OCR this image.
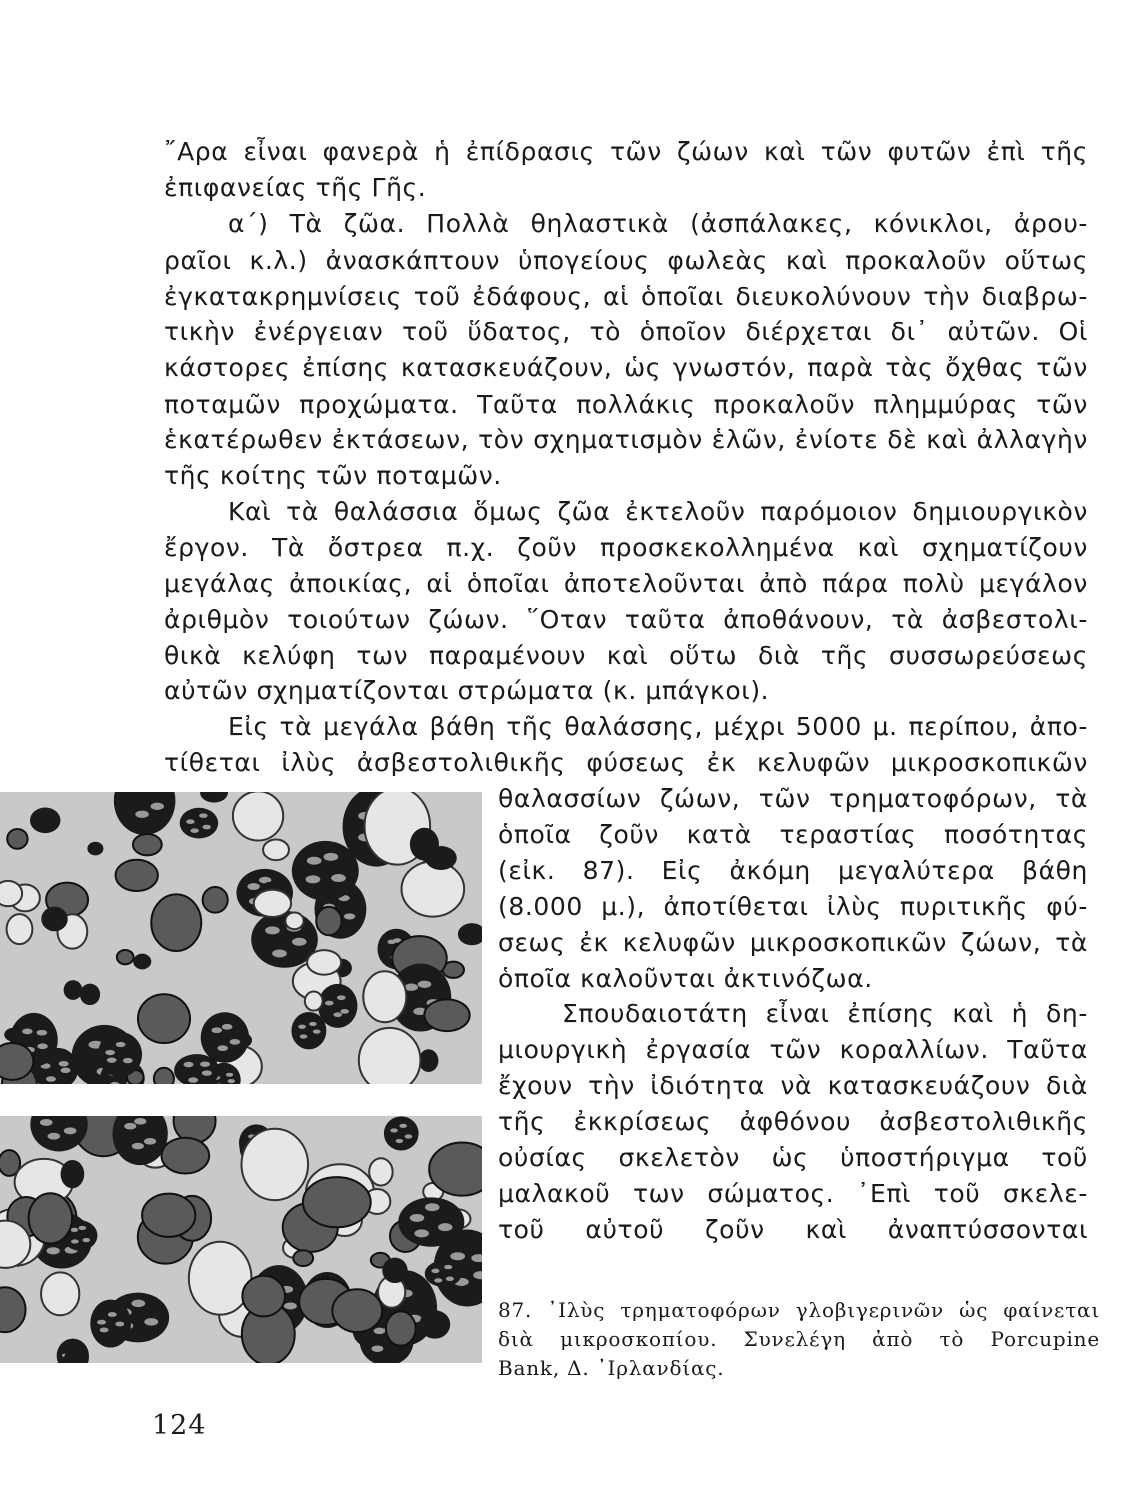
῎Αρα εἶναι φανερὰ ἡ ἐπίδρασις τῶν ζώων καὶ τῶν φυτῶν ἐπὶ τῆς
ἐπιφανείας τῆς Γῆς.
α΄) Τὰ ζῶα. Πολλὰ θηλαστικὰ (ἀσπάλακες, κόνικλοι, ἀρου-
ραῖοι κ.λ.) ἀνασκάπτουν ὑπογείους φωλεὰς καὶ προκαλοῦν οὕτως
ἐγκατακρημνίσεις τοῦ ἐδάφους, αἱ ὁποῖαι διευκολύνουν τὴν διαβρω-
τικὴν ἐνέργειαν τοῦ ὕδατος, τὸ ὁποῖον διέρχεται δι᾿ αὐτῶν. Οἱ
κάστορες ἐπίσης κατασκευάζουν, ὡς γνωστόν, παρὰ τὰς ὄχθας τῶν
ποταμῶν προχώματα. Ταῦτα πολλάκις προκαλοῦν πλημμύρας τῶν
ἑκατέρωθεν ἐκτάσεων, τὸν σχηματισμὸν ἑλῶν, ἐνίοτε δὲ καὶ ἀλλαγὴν
τῆς κοίτης τῶν ποταμῶν.
Καὶ τὰ θαλάσσια ὅμως ζῶα ἐκτελοῦν παρόμοιον δημιουργικὸν
ἔργον. Τὰ ὄστρεα π.χ. ζοῦν προσκεκολλημένα καὶ σχηματίζουν
μεγάλας ἀποικίας, αἱ ὁποῖαι ἀποτελοῦνται ἀπὸ πάρα πολὺ μεγάλον
ἀριθμὸν τοιούτων ζώων. ῞Οταν ταῦτα ἀποθάνουν, τὰ ἀσβεστολι-
θικὰ κελύφη των παραμένουν καὶ οὕτω διὰ τῆς συσσωρεύσεως
αὐτῶν σχηματίζονται στρώματα (κ. μπάγκοι).
Εἰς τὰ μεγάλα βάθη τῆς θαλάσσης, μέχρι 5000 μ. περίπου, ἀπο-
τίθεται ἰλὺς ἀσβεστολιθικῆς φύσεως ἐκ κελυφῶν μικροσκοπικῶν
θαλασσίων ζώων, τῶν τρηματοφόρων, τὰ
ὁποῖα ζοῦν κατὰ τεραστίας ποσότητας
(εἰκ. 87). Εἰς ἀκόμη μεγαλύτερα βάθη
(8.000 μ.), ἀποτίθεται ἰλὺς πυριτικῆς φύ-
σεως ἐκ κελυφῶν μικροσκοπικῶν ζώων, τὰ
ὁποῖα καλοῦνται ἀκτινόζωα.
Σπουδαιοτάτη εἶναι ἐπίσης καὶ ἡ δη-
μιουργικὴ ἐργασία τῶν κοραλλίων. Ταῦτα
ἔχουν τὴν ἰδιότητα νὰ κατασκευάζουν διὰ
τῆς ἐκκρίσεως ἀφθόνου ἀσβεστολιθικῆς
οὐσίας σκελετὸν ὡς ὑποστήριγμα τοῦ
μαλακοῦ των σώματος. ᾿Επὶ τοῦ σκελε-
τοῦ αὐτοῦ ζοῦν καὶ ἀναπτύσσονται
87. ᾿Ιλὺς τρηματοφόρων γλοβιγερινῶν ὡς φαίνεται
διὰ μικροσκοπίου. Συνελέγη ἀπὸ τὸ Porcupine
Bank, Δ. ᾿Ιρλανδίας.
124
